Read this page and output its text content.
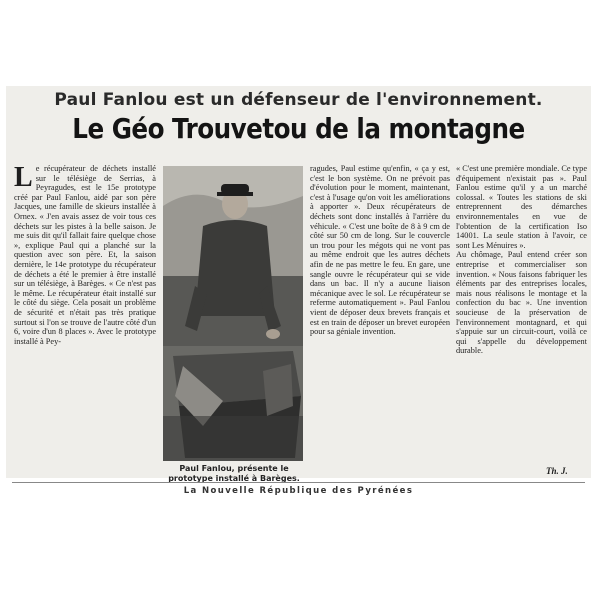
Paul Fanlou est un défenseur de l'environnement.
Le Géo Trouvetou de la montagne

Le récupérateur de déchets installé sur le télésiège de Serrias, à Peyragudes, est le 15e prototype créé par Paul Fanlou, aidé par son père Jacques, une famille de skieurs installée à Ornex. « J'en avais assez de voir tous ces déchets sur les pistes à la belle saison. Je me suis dit qu'il fallait faire quelque chose », explique Paul qui a planché sur la question avec son père. Et, la saison dernière, le 14e prototype du récupérateur de déchets a été le premier à être installé sur un télésiège, à Barèges. « Ce n'est pas le même. Le récupérateur était installé sur le côté du siège. Cela posait un problème de sécurité et n'était pas très pratique surtout si l'on se trouve de l'autre côté d'un 6, voire d'un 8 places ». Avec le prototype installé à Pey-

Paul Fanlou, présente le prototype installé à Barèges.

ragudes, Paul estime qu'enfin, « ça y est, c'est le bon système. On ne prévoit pas d'évolution pour le moment, maintenant, c'est à l'usage qu'on voit les améliorations à apporter ». Deux récupérateurs de déchets sont donc installés à l'arrière du véhicule. « C'est une boîte de 8 à 9 cm de côté sur 50 cm de long. Sur le couvercle un trou pour les mégots qui ne vont pas au même endroit que les autres déchets afin de ne pas mettre le feu. En gare, une sangle ouvre le récupérateur qui se vide dans un bac. Il n'y a aucune liaison mécanique avec le sol. Le récupérateur se referme automatiquement ». Paul Fanlou vient de déposer deux brevets français et est en train de déposer un brevet européen pour sa géniale invention.

« C'est une première mondiale. Ce type d'équipement n'existait pas ». Paul Fanlou estime qu'il y a un marché colossal. « Toutes les stations de ski entreprennent des démarches environnementales en vue de l'obtention de la certification Iso 14001. La seule station à l'avoir, ce sont Les Ménuires ».

Au chômage, Paul entend créer son entreprise et commercialiser son invention. « Nous faisons fabriquer les éléments par des entreprises locales, mais nous réalisons le montage et la confection du bac ». Une invention soucieuse de la préservation de l'environnement montagnard, et qui s'appuie sur un circuit-court, voilà ce qui s'appelle du développement durable.

Th. J.
La Nouvelle République des Pyrénées
